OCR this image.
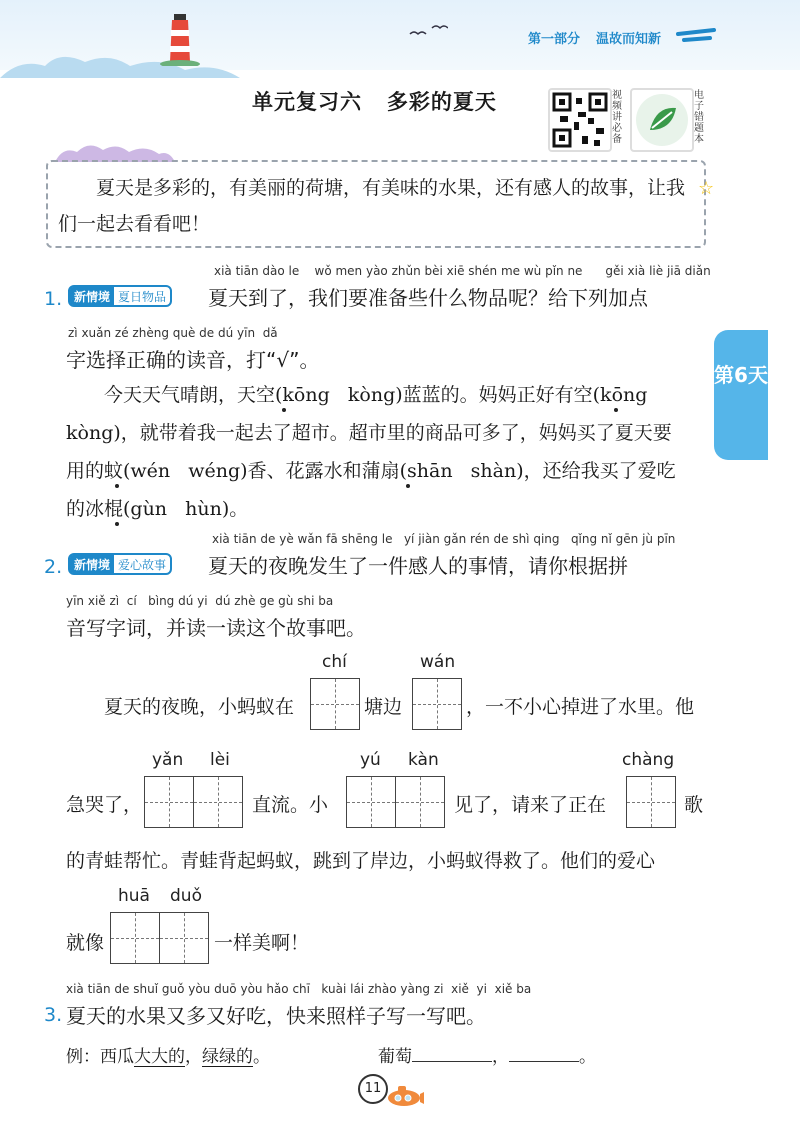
第一部分 温故而知新
单元复习六   多彩的夏天	视频讲必备
电子错题本
夏天是多彩的，有美丽的荷塘，有美味的水果，还有感人的故事，让我们一起去看看吧！
☆
第6天
1. 新情境 夏日物品
xià tiān dào le    wǒ men yào zhǔn bèi xiē shén me wù pǐn ne      gěi xià liè jiā diǎn
夏天到了，我们要准备些什么物品呢？给下列加点
zì xuǎn zé zhèng què de dú yīn  dǎ
字选择正确的读音，打“√”。
今天天气晴朗，天空(kōng   kòng)蓝蓝的。妈妈正好有空(kōng
kòng)，就带着我一起去了超市。超市里的商品可多了，妈妈买了夏天要
用的蚊(wén   wéng)香、花露水和蒲扇(shān   shàn)，还给我买了爱吃
的冰棍(gùn   hùn)。
2. 新情境 爱心故事
xià tiān de yè wǎn fā shēng le   yí jiàn gǎn rén de shì qing   qǐng nǐ gēn jù pīn
夏天的夜晚发生了一件感人的事情，请你根据拼
yīn xiě zì  cí   bìng dú yi  dú zhè ge gù shi ba
音写字词，并读一读这个故事吧。
夏天的夜晚，小蚂蚁在
chí
塘边
wán
，一不小心掉进了水里。他
急哭了，
yǎn lèi
直流。小
yú kàn
见了，请来了正在
chàng
歌
的青蛙帮忙。青蛙背起蚂蚁，跳到了岸边，小蚂蚁得救了。他们的爱心
就像
huā duǒ
一样美啊！
3.
xià tiān de shuǐ guǒ yòu duō yòu hǎo chī   kuài lái zhào yàng zi  xiě  yi  xiě ba
夏天的水果又多又好吃，快来照样子写一写吧。
例：西瓜大大的，绿绿的。	葡萄	，	。
11
